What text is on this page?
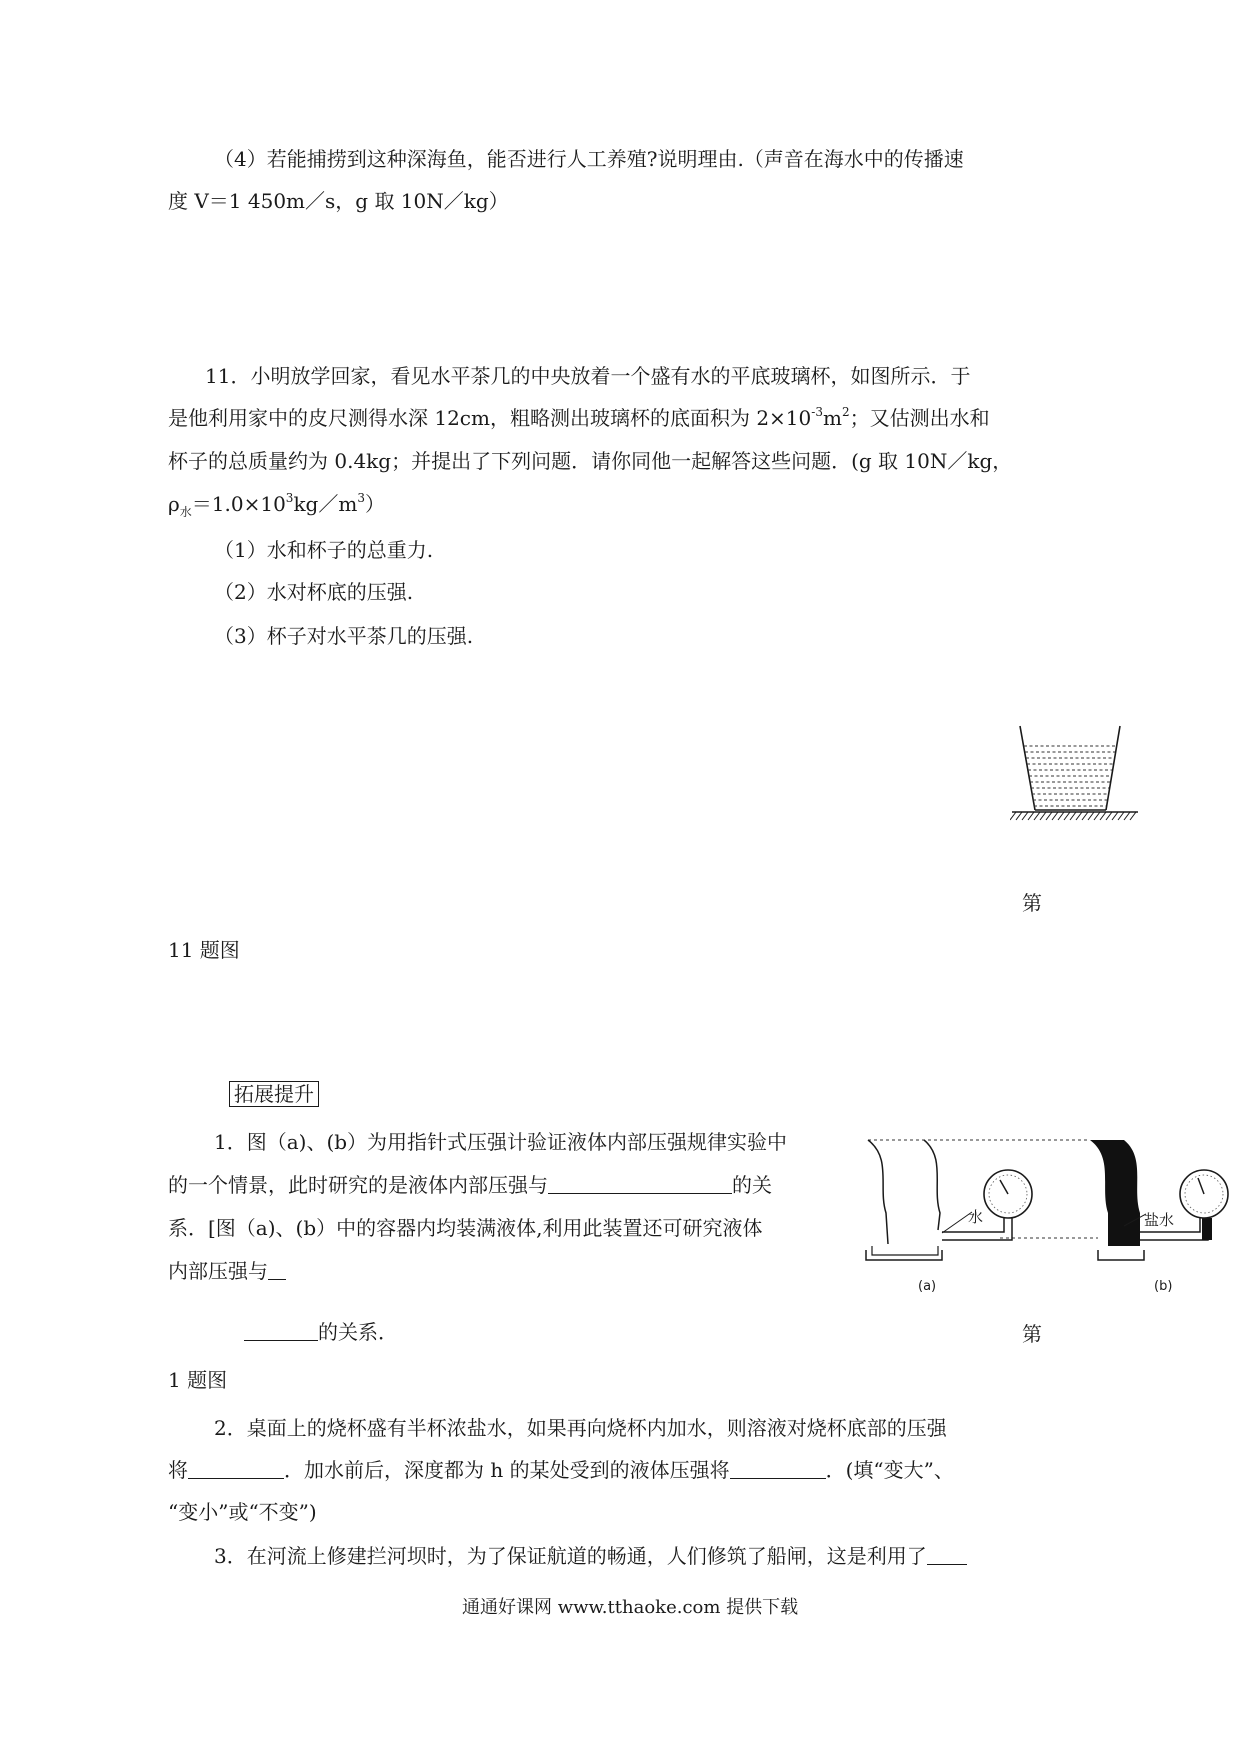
（4）若能捕捞到这种深海鱼，能否进行人工养殖?说明理由.（声音在海水中的传播速
度 V＝1 450m／s，g 取 10N／kg）
11．小明放学回家，看见水平茶几的中央放着一个盛有水的平底玻璃杯，如图所示．于
是他利用家中的皮尺测得水深 12cm，粗略测出玻璃杯的底面积为 $2\times 10^{-3}m^2$；又估测出水和
杯子的总质量约为 0.4kg；并提出了下列问题．请你同他一起解答这些问题．(g 取 10N／kg，
$\rho_水=1.0\times 10^3kg/m^3$）
（1）水和杯子的总重力.
（2）水对杯底的压强.
（3）杯子对水平茶几的压强.
第
11 题图
拓展提升
1．图（a)、(b）为用指针式压强计验证液体内部压强规律实验中
的一个情景，此时研究的是液体内部压强与	的关
系．[图（a)、(b）中的容器内均装满液体,利用此装置还可研究液体
内部压强与
的关系．	第
1 题图
水
(a)
盐水
(b)
2．桌面上的烧杯盛有半杯浓盐水，如果再向烧杯内加水，则溶液对烧杯底部的压强
将	．加水前后，深度都为 h 的某处受到的液体压强将	．(填“变大”、
“变小”或“不变”)
3．在河流上修建拦河坝时，为了保证航道的畅通，人们修筑了船闸，这是利用了
通通好课网 www.tthaoke.com 提供下载
